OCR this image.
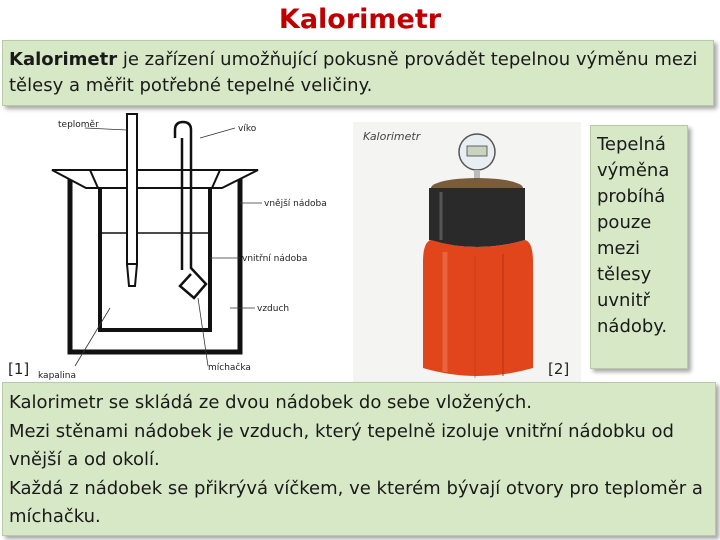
Kalorimetr
Kalorimetr je zařízení umožňující pokusně provádět tepelnou výměnu mezi tělesy a měřit potřebné tepelné veličiny.
teploměr	víko
vnější nádoba
vnitřní nádoba
vzduch
kapalina
míchačka
[1]
Kalorimetr
[2]
Tepelná výměna probíhá pouze mezi tělesy uvnitř nádoby.

Kalorimetr se skládá ze dvou nádobek do sebe vložených.

Mezi stěnami nádobek je vzduch, který tepelně izoluje vnitřní nádobku od vnější a od okolí.

Každá z nádobek se přikrývá víčkem, ve kterém bývají otvory pro teploměr a míchačku.
